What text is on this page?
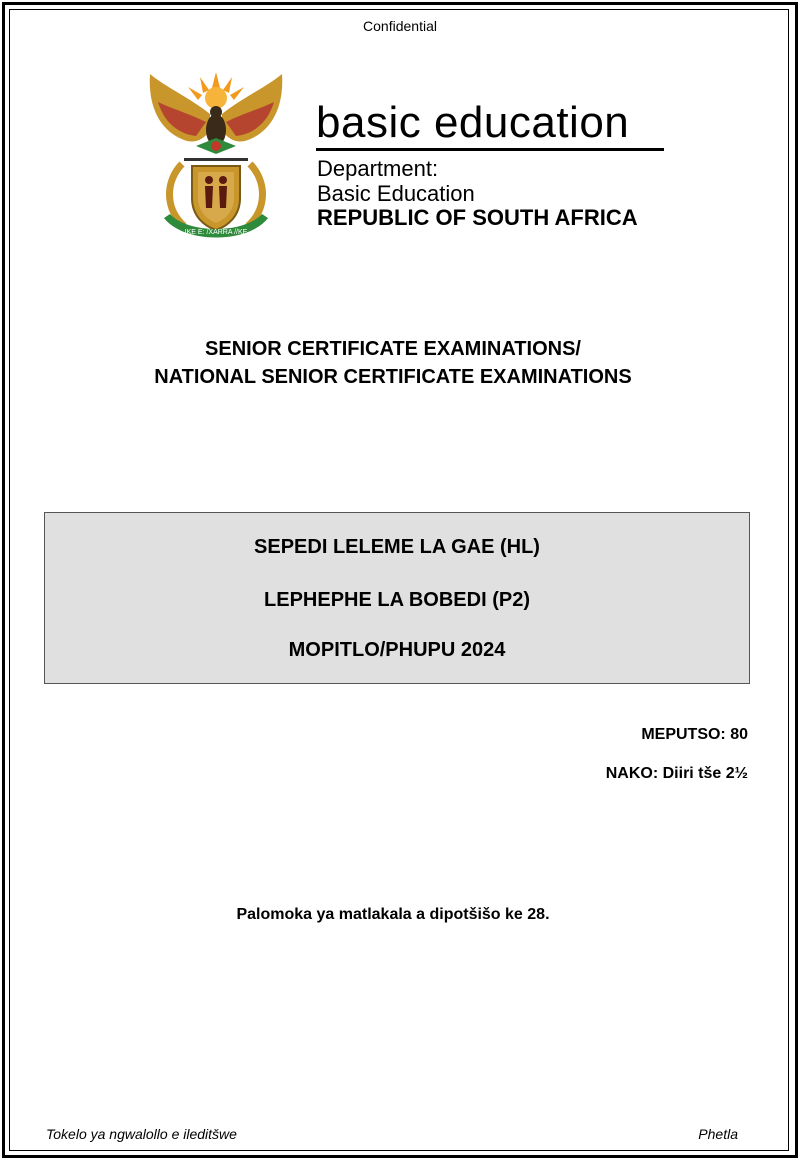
Confidential
!KE E: /XARRA //KE
basic education
Department:
Basic Education
REPUBLIC OF SOUTH AFRICA
SENIOR CERTIFICATE EXAMINATIONS/
NATIONAL SENIOR CERTIFICATE EXAMINATIONS
SEPEDI LELEME LA GAE (HL)
LEPHEPHE LA BOBEDI (P2)
MOPITLO/PHUPU 2024
MEPUTSO: 80
NAKO: Diiri tše 2½
Palomoka ya matlakala a dipotšišo ke 28.
Tokelo ya ngwalollo e ileditšwe	Phetla
